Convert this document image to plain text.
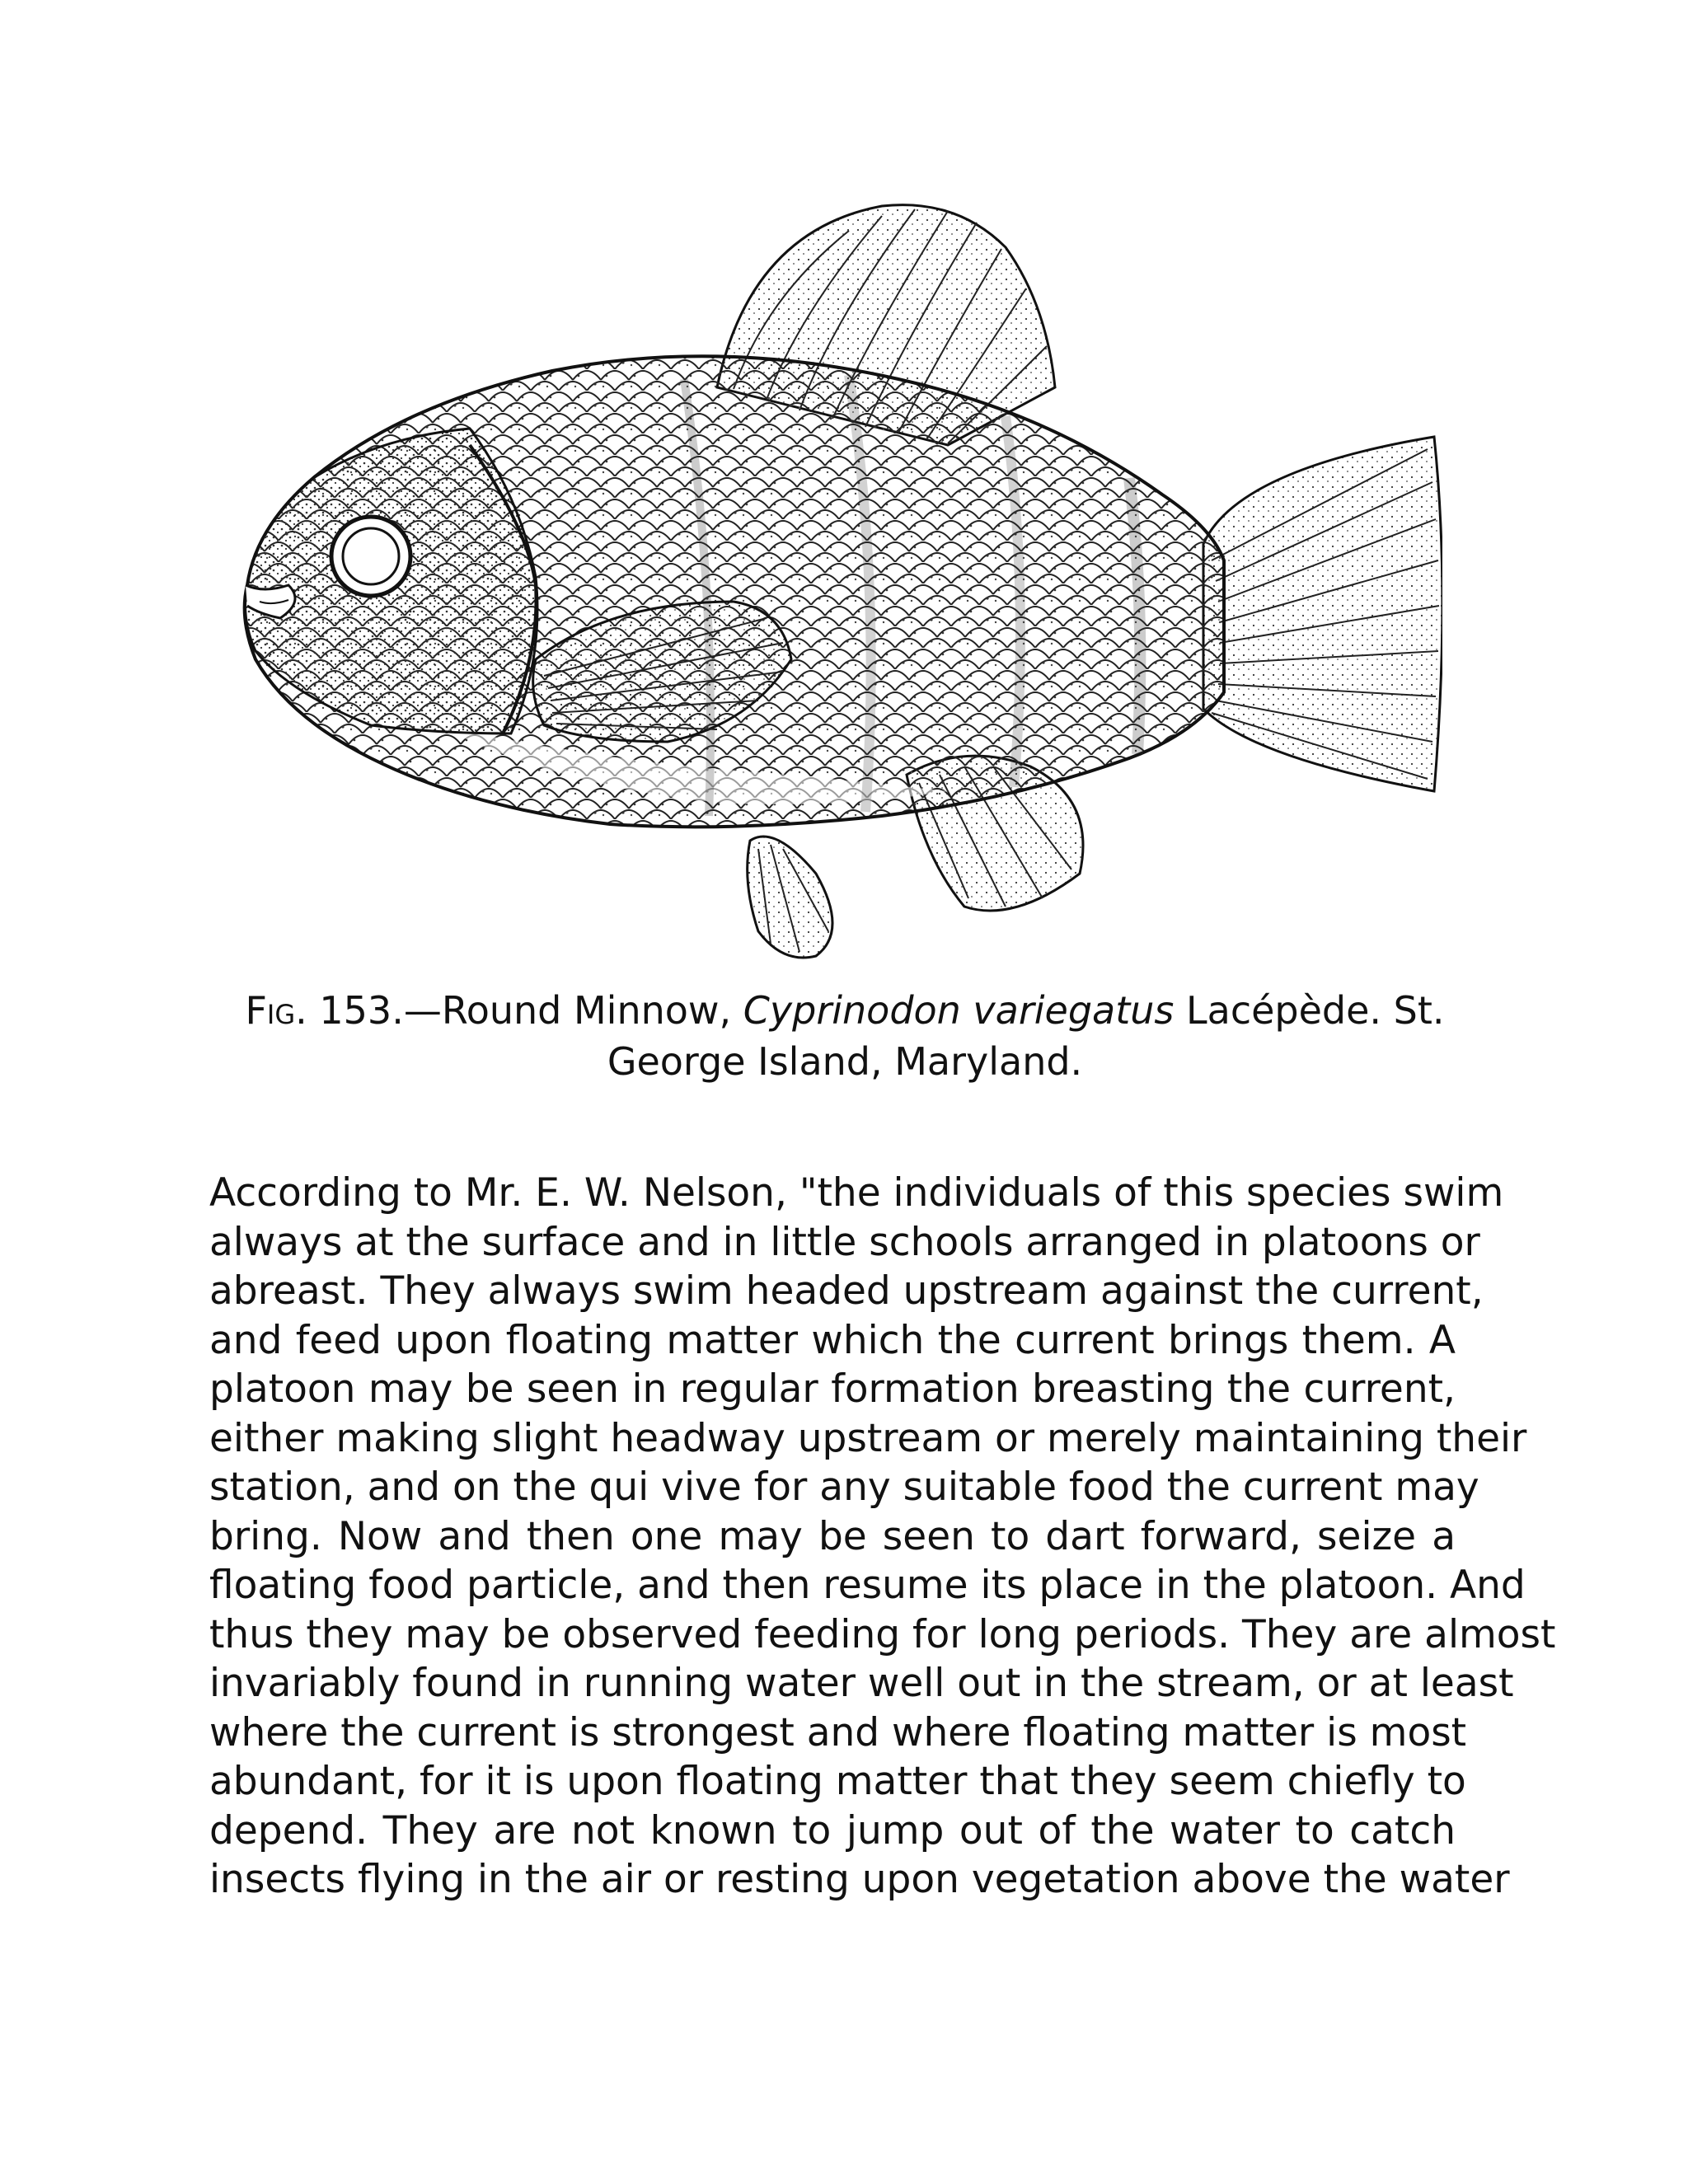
Fig. 153.—Round Minnow, Cyprinodon variegatus Lacépède. St.
George Island, Maryland.
According to Mr. E. W. Nelson, "the individuals of this species swim
always at the surface and in little schools arranged in platoons or
abreast. They always swim headed upstream against the current,
and feed upon floating matter which the current brings them. A
platoon may be seen in regular formation breasting the current,
either making slight headway upstream or merely maintaining their
station, and on the qui vive for any suitable food the current may
bring. Now and then one may be seen to dart forward, seize a
floating food particle, and then resume its place in the platoon. And
thus they may be observed feeding for long periods. They are almost
invariably found in running water well out in the stream, or at least
where the current is strongest and where floating matter is most
abundant, for it is upon floating matter that they seem chiefly to
depend. They are not known to jump out of the water to catch
insects flying in the air or resting upon vegetation above the water
